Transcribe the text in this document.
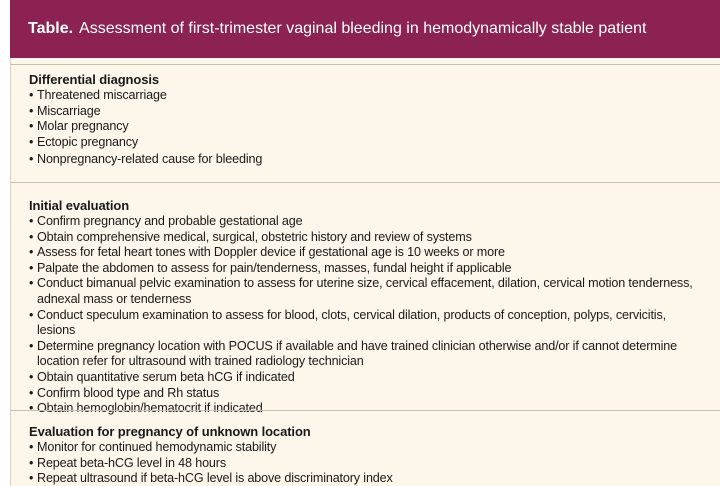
Table. Assessment of first-trimester vaginal bleeding in hemodynamically stable patient
Differential diagnosis
• Threatened miscarriage
• Miscarriage
• Molar pregnancy
• Ectopic pregnancy
• Nonpregnancy-related cause for bleeding
Initial evaluation
• Confirm pregnancy and probable gestational age
• Obtain comprehensive medical, surgical, obstetric history and review of systems
• Assess for fetal heart tones with Doppler device if gestational age is 10 weeks or more
• Palpate the abdomen to assess for pain/tenderness, masses, fundal height if applicable
• Conduct bimanual pelvic examination to assess for uterine size, cervical effacement, dilation, cervical motion tenderness, adnexal mass or tenderness
• Conduct speculum examination to assess for blood, clots, cervical dilation, products of conception, polyps, cervicitis, lesions
• Determine pregnancy location with POCUS if available and have trained clinician otherwise and/or if cannot determine location refer for ultrasound with trained radiology technician
• Obtain quantitative serum beta hCG if indicated
• Confirm blood type and Rh status
• Obtain hemoglobin/hematocrit if indicated
Evaluation for pregnancy of unknown location
• Monitor for continued hemodynamic stability
• Repeat beta-hCG level in 48 hours
• Repeat ultrasound if beta-hCG level is above discriminatory index
